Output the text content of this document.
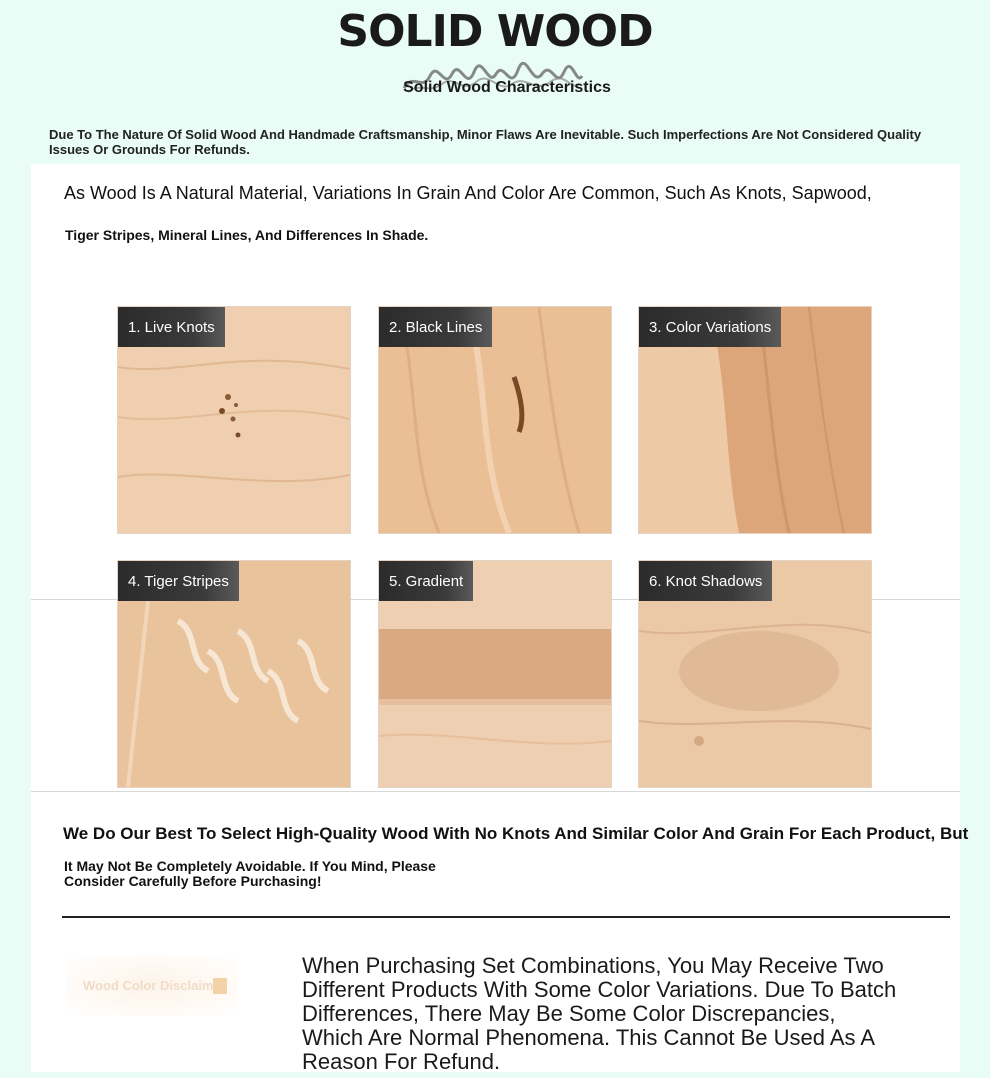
SOLID WOOD
Solid Wood Characteristics
Due To The Nature Of Solid Wood And Handmade Craftsmanship, Minor Flaws Are Inevitable. Such Imperfections Are Not Considered Quality Issues Or Grounds For Refunds.
As Wood Is A Natural Material, Variations In Grain And Color Are Common, Such As Knots, Sapwood,
Tiger Stripes, Mineral Lines, And Differences In Shade.
1. Live Knots	2. Black Lines	3. Color Variations
4. Tiger Stripes	5. Gradient	6. Knot Shadows
We Do Our Best To Select High-Quality Wood With No Knots And Similar Color And Grain For Each Product, But
It May Not Be Completely Avoidable. If You Mind, Please Consider Carefully Before Purchasing!
Wood Color Disclaim
When Purchasing Set Combinations, You May Receive Two Different Products With Some Color Variations. Due To Batch Differences, There May Be Some Color Discrepancies, Which Are Normal Phenomena. This Cannot Be Used As A Reason For Refund.
